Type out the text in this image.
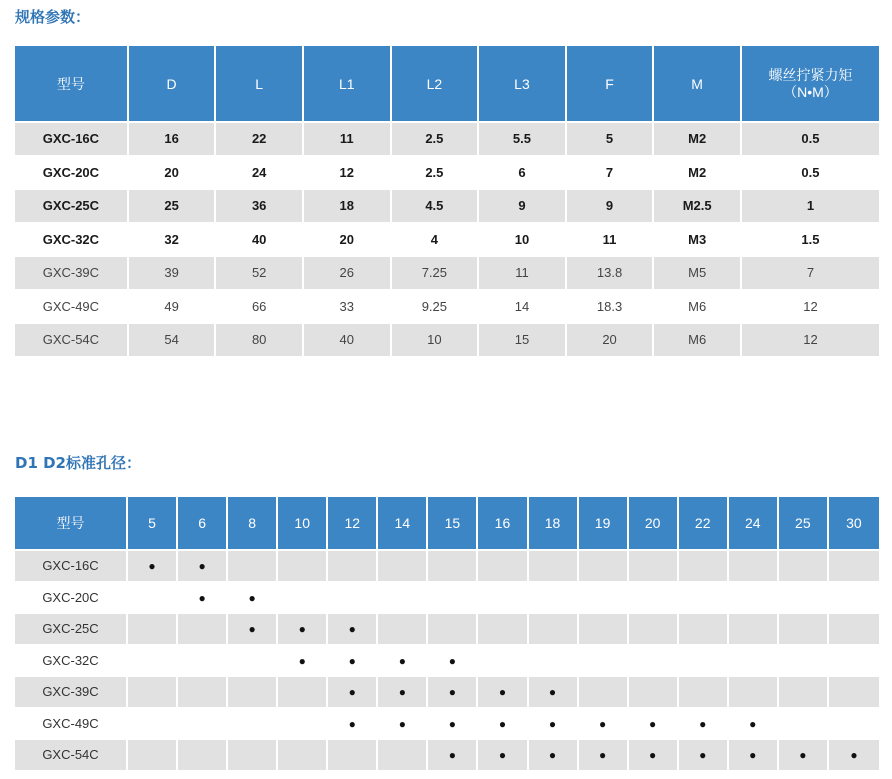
规格参数：
型号	D	L	L1	L2	L3	F	M	螺丝拧紧力矩
（N•M）

GXC-16C	16	22	11	2.5	5.5	5	M2	0.5
GXC-20C	20	24	12	2.5	6	7	M2	0.5
GXC-25C	25	36	18	4.5	9	9	M2.5	1
GXC-32C	32	40	20	4	10	11	M3	1.5
GXC-39C	39	52	26	7.25	11	13.8	M5	7
GXC-49C	49	66	33	9.25	14	18.3	M6	12
GXC-54C	54	80	40	10	15	20	M6	12
D1 D2标准孔径：
型号	5	6	8	10	12	14	15	16	18	19	20	22	24	25	30
GXC-16C	●	●													
GXC-20C		●	●												
GXC-25C			●	●	●										
GXC-32C				●	●	●	●								
GXC-39C					●	●	●	●	●						
GXC-49C					●	●	●	●	●	●	●	●	●		
GXC-54C							●	●	●	●	●	●	●	●	●
